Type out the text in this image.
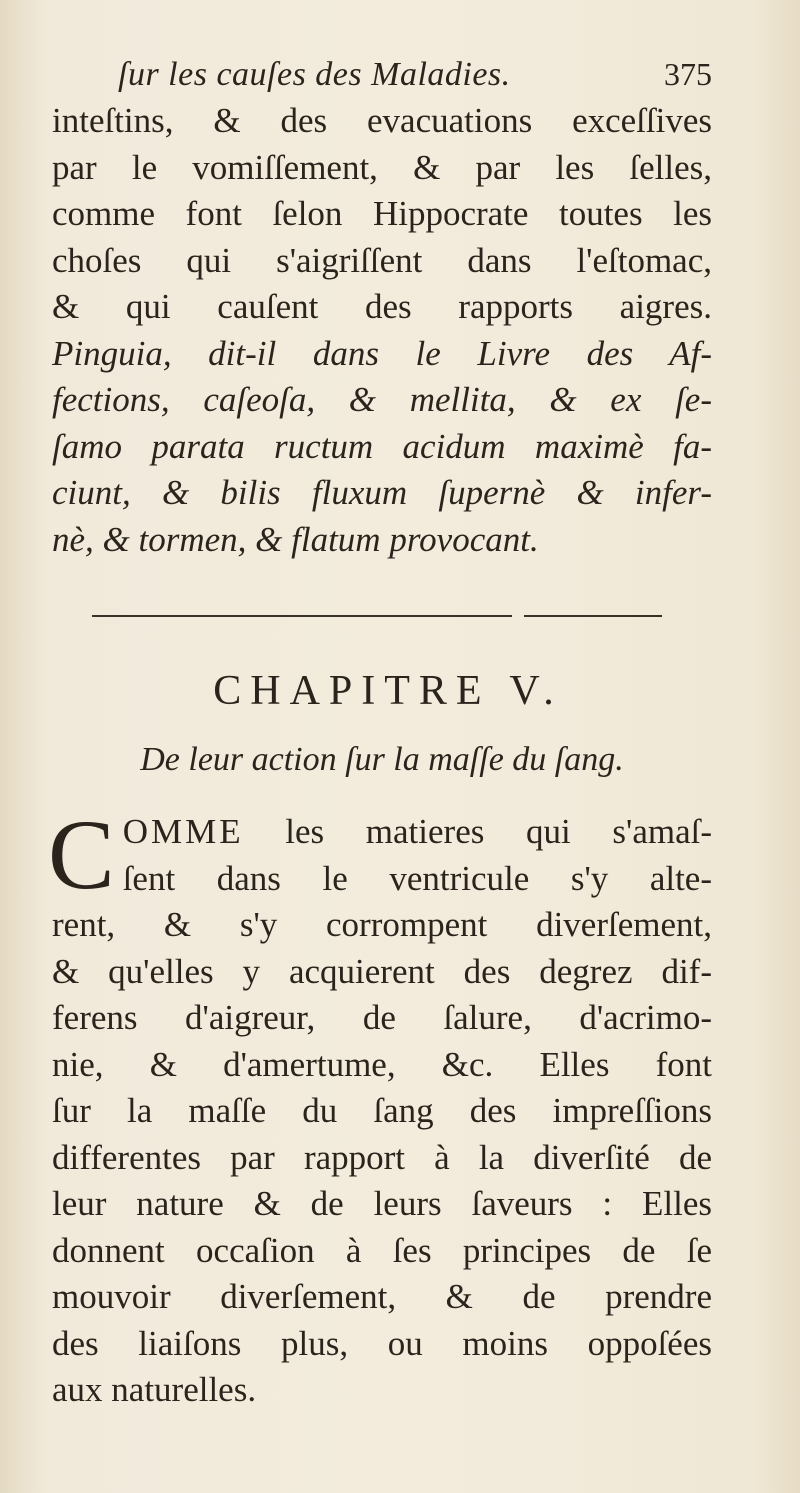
ſur les cauſes des Maladies.	375
inteſtins, & des evacuations exceſſives
par le vomiſſement, & par les ſelles,
comme font ſelon Hippocrate toutes les
choſes qui s'aigriſſent dans l'eſtomac,
& qui cauſent des rapports aigres.
Pinguia, dit-il dans le Livre des Af-
fections, caſeoſa, & mellita, & ex ſe-
ſamo parata ructum acidum maximè fa-
ciunt, & bilis fluxum ſupernè & infer-
nè, & tormen, & flatum provocant.
CHAPITRE V.
De leur action ſur la maſſe du ſang.
C OMME les matieres qui s'amaſ-
ſent dans le ventricule s'y alte-
rent, & s'y corrompent diverſement,
& qu'elles y acquierent des degrez dif-
ferens d'aigreur, de ſalure, d'acrimo-
nie, & d'amertume, &c. Elles font
ſur la maſſe du ſang des impreſſions
differentes par rapport à la diverſité de
leur nature & de leurs ſaveurs : Elles
donnent occaſion à ſes principes de ſe
mouvoir diverſement, & de prendre
des liaiſons plus, ou moins oppoſées
aux naturelles.
